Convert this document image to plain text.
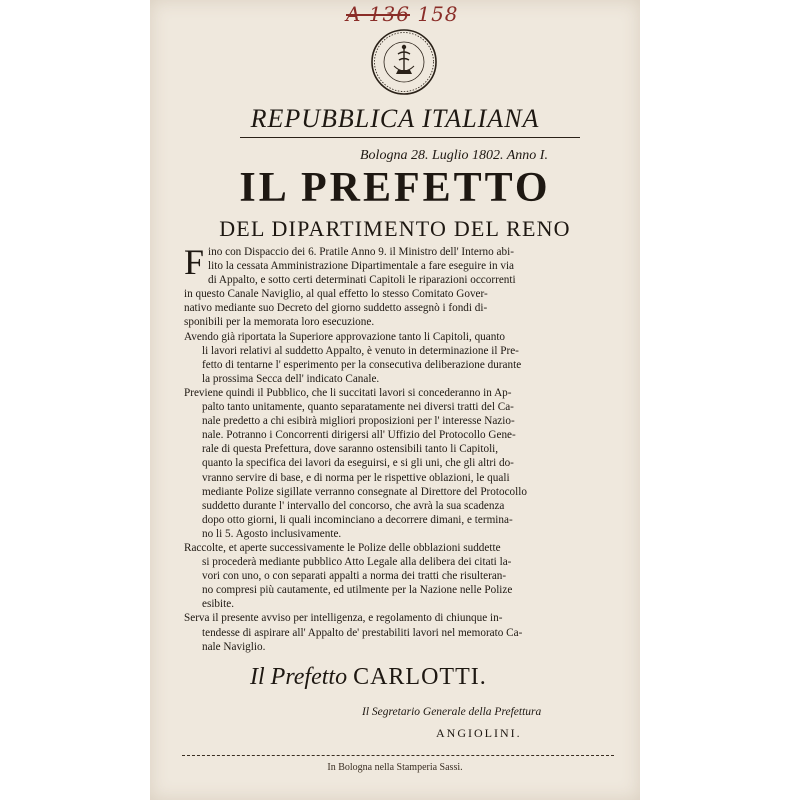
A 136 158
REPUBBLICA ITALIANA
Bologna 28. Luglio 1802. Anno I.
IL PREFETTO
DEL DIPARTIMENTO DEL RENO
F ino con Dispaccio dei 6. Pratile Anno 9. il Ministro dell' Interno abi-
lito la cessata Amministrazione Dipartimentale a fare eseguire in via
di Appalto, e sotto certi determinati Capitoli le riparazioni occorrenti
in questo Canale Naviglio, al qual effetto lo stesso Comitato Gover-
nativo mediante suo Decreto del giorno suddetto assegnò i fondi di-
sponibili per la memorata loro esecuzione.
Avendo già riportata la Superiore approvazione tanto li Capitoli, quanto
li lavori relativi al suddetto Appalto, è venuto in determinazione il Pre-
fetto di tentarne l' esperimento per la consecutiva deliberazione durante
la prossima Secca dell' indicato Canale.
Previene quindi il Pubblico, che li succitati lavori si concederanno in Ap-
palto tanto unitamente, quanto separatamente nei diversi tratti del Ca-
nale predetto a chi esibirà migliori proposizioni per l' interesse Nazio-
nale. Potranno i Concorrenti dirigersi all' Uffizio del Protocollo Gene-
rale di questa Prefettura, dove saranno ostensibili tanto li Capitoli,
quanto la specifica dei lavori da eseguirsi, e si gli uni, che gli altri do-
vranno servire di base, e di norma per le rispettive oblazioni, le quali
mediante Polize sigillate verranno consegnate al Direttore del Protocollo
suddetto durante l' intervallo del concorso, che avrà la sua scadenza
dopo otto giorni, li quali incominciano a decorrere dimani, e termina-
no li 5. Agosto inclusivamente.
Raccolte, et aperte successivamente le Polize delle obblazioni suddette
si procederà mediante pubblico Atto Legale alla delibera dei citati la-
vori con uno, o con separati appalti a norma dei tratti che risulteran-
no compresi più cautamente, ed utilmente per la Nazione nelle Polize
esibite.
Serva il presente avviso per intelligenza, e regolamento di chiunque in-
tendesse di aspirare all' Appalto de' prestabiliti lavori nel memorato Ca-
nale Naviglio.
Il Prefetto CARLOTTI.
Il Segretario Generale della Prefettura
ANGIOLINI.
In Bologna nella Stamperia Sassi.
